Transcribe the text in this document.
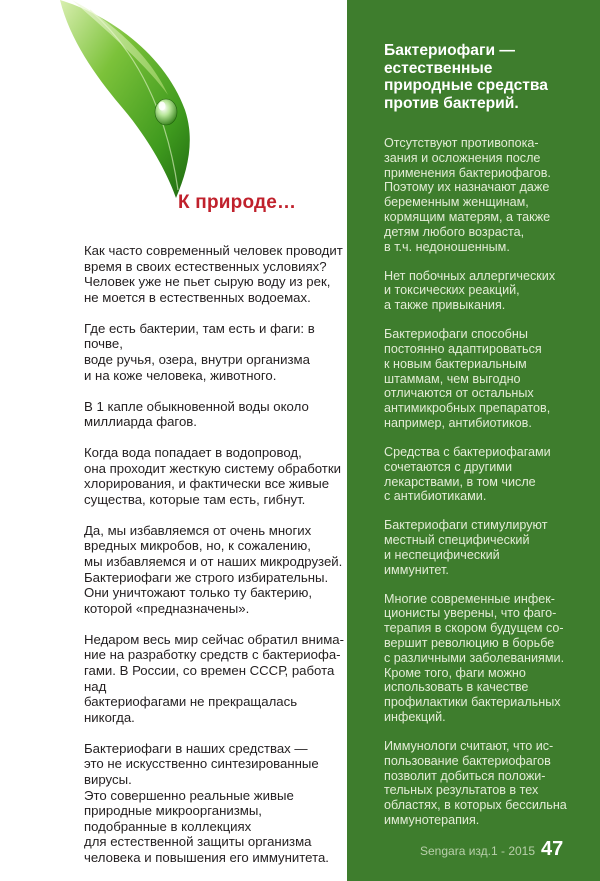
К природе…

Как часто современный человек проводит
время в своих естественных условиях?
Человек уже не пьет сырую воду из рек,
не моется в естественных водоемах.

Где есть бактерии, там есть и фаги: в почве,
воде ручья, озера, внутри организма
и на коже человека, животного.

В 1 капле обыкновенной воды около
миллиарда фагов.

Когда вода попадает в водопровод,
она проходит жесткую систему обработки
хлорирования, и фактически все живые
существа, которые там есть, гибнут.

Да, мы избавляемся от очень многих
вредных микробов, но, к сожалению,
мы избавляемся и от наших микродрузей.
Бактериофаги же строго избирательны.
Они уничтожают только ту бактерию,
которой «предназначены».

Недаром весь мир сейчас обратил внима-
ние на разработку средств с бактериофа-
гами. В России, со времен СССР, работа над
бактериофагами не прекращалась никогда.

Бактериофаги в наших средствах —
это не искусственно синтезированные
вирусы.
Это совершенно реальные живые
природные микроорганизмы,
подобранные в коллекциях
для естественной защиты организма
человека и повышения его иммунитета.

Бактериофаги —
естественные
природные средства
против бактерий.

Отсутствуют противопока-
зания и осложнения после
применения бактериофагов.
Поэтому их назначают даже
беременным женщинам,
кормящим матерям, а также
детям любого возраста,
в т.ч. недоношенным.

Нет побочных аллергических
и токсических реакций,
а также привыкания.

Бактериофаги способны
постоянно адаптироваться
к новым бактериальным
штаммам, чем выгодно
отличаются от остальных
антимикробных препаратов,
например, антибиотиков.

Средства с бактериофагами
сочетаются с другими
лекарствами, в том числе
с антибиотиками.

Бактериофаги стимулируют
местный специфический
и неспецифический
иммунитет.

Многие современные инфек-
ционисты уверены, что фаго-
терапия в скором будущем со-
вершит революцию в борьбе
с различными заболеваниями.
Кроме того, фаги можно
использовать в качестве
профилактики бактериальных
инфекций.

Иммунологи считают, что ис-
пользование бактериофагов
позволит добиться положи-
тельных результатов в тех
областях, в которых бессильна
иммунотерапия.

Sengara изд.1 - 2015 47
